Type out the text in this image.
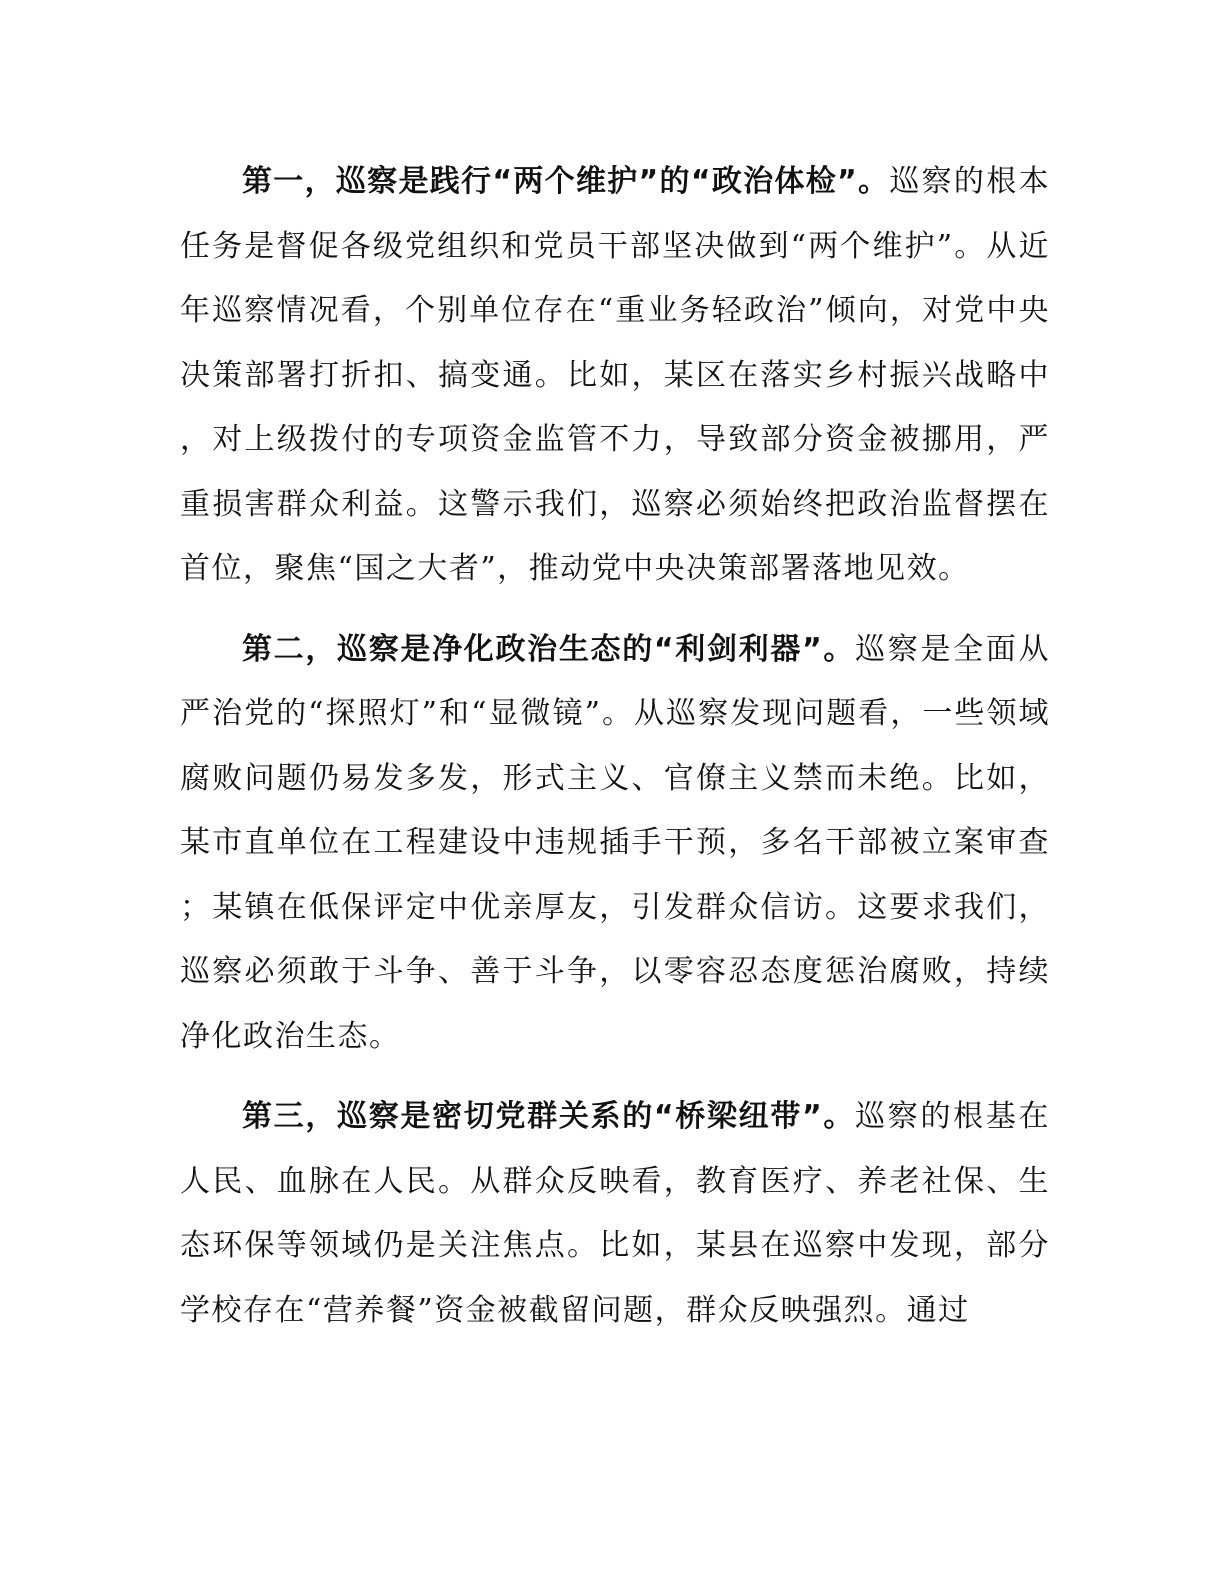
第一，巡察是践行“两个维护”的“政治体检”。巡察的根本任务是督促各级党组织和党员干部坚决做到“两个维护”。从近年巡察情况看，个别单位存在“重业务轻政治”倾向，对党中央决策部署打折扣、搞变通。比如，某区在落实乡村振兴战略中，对上级拨付的专项资金监管不力，导致部分资金被挪用，严重损害群众利益。这警示我们，巡察必须始终把政治监督摆在首位，聚焦“国之大者”，推动党中央决策部署落地见效。

第二，巡察是净化政治生态的“利剑利器”。巡察是全面从严治党的“探照灯”和“显微镜”。从巡察发现问题看，一些领域腐败问题仍易发多发，形式主义、官僚主义禁而未绝。比如，某市直单位在工程建设中违规插手干预，多名干部被立案审查；某镇在低保评定中优亲厚友，引发群众信访。这要求我们，巡察必须敢于斗争、善于斗争，以零容忍态度惩治腐败，持续净化政治生态。

第三，巡察是密切党群关系的“桥梁纽带”。巡察的根基在人民、血脉在人民。从群众反映看，教育医疗、养老社保、生态环保等领域仍是关注焦点。比如，某县在巡察中发现，部分学校存在“营养餐”资金被截留问题，群众反映强烈。通过
